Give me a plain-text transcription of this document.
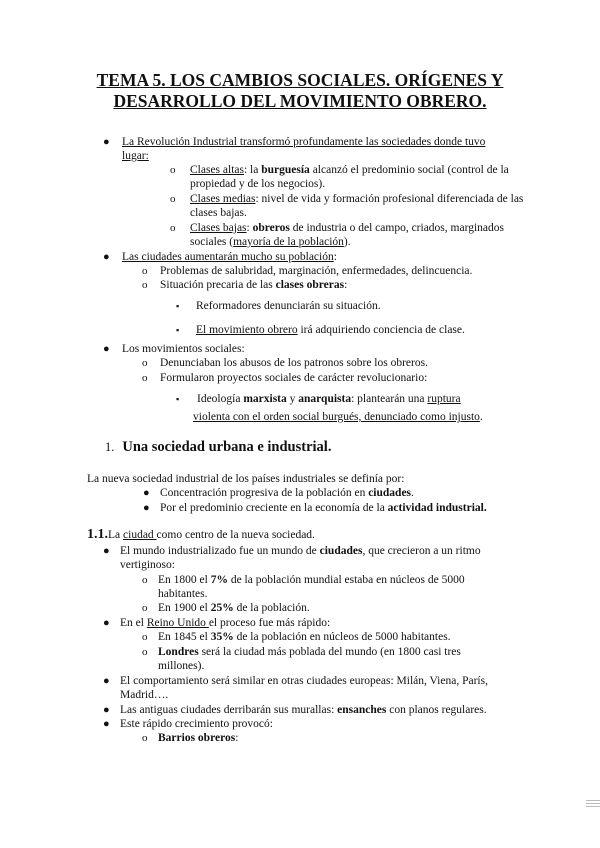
TEMA 5. LOS CAMBIOS SOCIALES. ORÍGENES Y
DESARROLLO DEL MOVIMIENTO OBRERO.
● La Revolución Industrial transformó profundamente las sociedades donde tuvo
lugar:
o Clases altas: la burguesía alcanzó el predominio social (control de la
propiedad y de los negocios).
o Clases medias: nivel de vida y formación profesional diferenciada de las
clases bajas.
o Clases bajas: obreros de industria o del campo, criados, marginados
sociales (mayoría de la población).
● Las ciudades aumentarán mucho su población:
o Problemas de salubridad, marginación, enfermedades, delincuencia.
o Situación precaria de las clases obreras:
▪ Reformadores denunciarán su situación.
▪ El movimiento obrero irá adquiriendo conciencia de clase.
● Los movimientos sociales:
o Denunciaban los abusos de los patronos sobre los obreros.
o Formularon proyectos sociales de carácter revolucionario:
▪ Ideología marxista y anarquista: plantearán una ruptura
violenta con el orden social burgués, denunciado como injusto.
1. Una sociedad urbana e industrial.
La nueva sociedad industrial de los países industriales se definía por:
● Concentración progresiva de la población en ciudades.
● Por el predominio creciente en la economía de la actividad industrial.
1.1.La ciudad como centro de la nueva sociedad.
● El mundo industrializado fue un mundo de ciudades, que crecieron a un ritmo
vertiginoso:
o En 1800 el 7% de la población mundial estaba en núcleos de 5000
habitantes.
o En 1900 el 25% de la población.
● En el Reino Unido el proceso fue más rápido:
o En 1845 el 35% de la población en núcleos de 5000 habitantes.
o Londres será la ciudad más poblada del mundo (en 1800 casi tres
millones).
● El comportamiento será similar en otras ciudades europeas: Milán, Viena, París,
Madrid….
● Las antiguas ciudades derribarán sus murallas: ensanches con planos regulares.
● Este rápido crecimiento provocó:
o Barrios obreros:
